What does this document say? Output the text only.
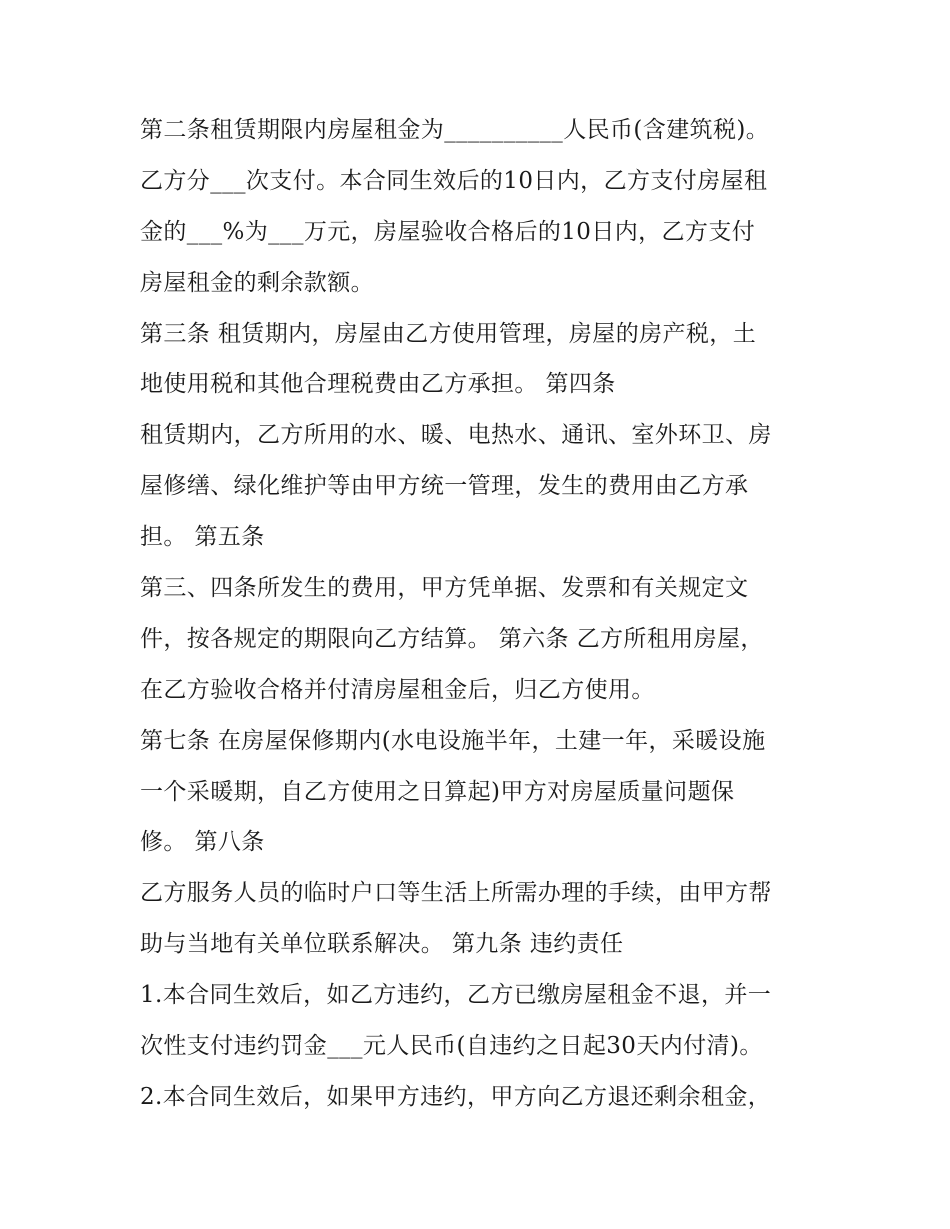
第二条租赁期限内房屋租金为__________人民币(含建筑税)。
乙方分___次支付。本合同生效后的10日内，乙方支付房屋租
金的___%为___万元，房屋验收合格后的10日内，乙方支付
房屋租金的剩余款额。
第三条 租赁期内，房屋由乙方使用管理，房屋的房产税，土
地使用税和其他合理税费由乙方承担。 第四条
租赁期内，乙方所用的水、暖、电热水、通讯、室外环卫、房
屋修缮、绿化维护等由甲方统一管理，发生的费用由乙方承
担。 第五条
第三、四条所发生的费用，甲方凭单据、发票和有关规定文
件，按各规定的期限向乙方结算。 第六条 乙方所租用房屋，
在乙方验收合格并付清房屋租金后，归乙方使用。
第七条 在房屋保修期内(水电设施半年，土建一年，采暖设施
一个采暖期，自乙方使用之日算起)甲方对房屋质量问题保
修。 第八条
乙方服务人员的临时户口等生活上所需办理的手续，由甲方帮
助与当地有关单位联系解决。 第九条 违约责任
1.本合同生效后，如乙方违约，乙方已缴房屋租金不退，并一
次性支付违约罚金___元人民币(自违约之日起30天内付清)。
2.本合同生效后，如果甲方违约，甲方向乙方退还剩余租金，
